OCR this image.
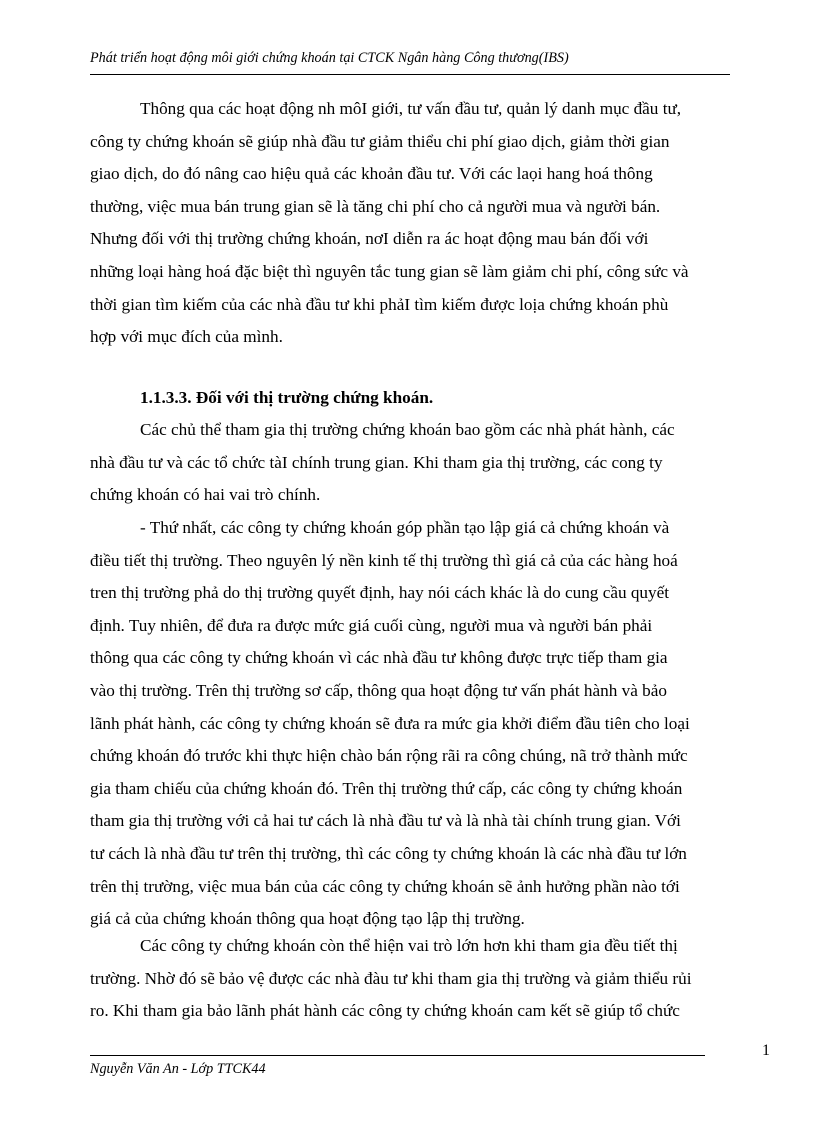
Phát triển hoạt động môi giới chứng khoán tại CTCK Ngân hàng Công thương(IBS)
Thông qua các hoạt động nh môI giới, tư vấn đầu tư, quản lý danh mục đầu tư,
công ty chứng khoán sẽ giúp nhà đầu tư giảm thiểu chi phí giao dịch, giảm thời gian
giao dịch, do đó nâng cao hiệu quả các khoản đầu tư. Với các laọi hang hoá thông
thường, việc mua bán trung gian sẽ là tăng chi phí cho cả người mua và người bán.
Nhưng đối với thị trường chứng khoán, nơI diễn ra ác hoạt động mau bán đối với
những loại hàng hoá đặc biệt thì nguyên tắc tung gian sẽ làm giảm chi phí, công sức và
thời gian tìm kiếm của các nhà đầu tư khi phảI tìm kiếm được loịa chứng khoán phù
hợp với mục đích của mình.
1.1.3.3. Đối với thị trường chứng khoán.
Các chủ thể tham gia thị trường chứng khoán bao gồm các nhà phát hành, các
nhà đầu tư và các tổ chức tàI chính trung gian. Khi tham gia thị trường, các cong ty
chứng khoán có hai vai trò chính.
- Thứ nhất, các công ty chứng khoán góp phần tạo lập giá cả chứng khoán và
điều tiết thị trường. Theo nguyên lý nền kinh tế thị trường thì giá cả của các hàng hoá
tren thị trường phả do thị trường quyết định, hay nói cách khác là do cung cầu quyết
định. Tuy nhiên, để đưa ra được mức giá cuối cùng, người mua và người bán phải
thông qua các công ty chứng khoán vì các nhà đầu tư không được trực tiếp tham gia
vào thị trường. Trên thị trường sơ cấp, thông qua hoạt động tư vấn phát hành và bảo
lãnh phát hành, các công ty chứng khoán sẽ đưa ra mức gia khởi điểm đầu tiên cho loại
chứng khoán đó trước khi thực hiện chào bán rộng rãi ra công chúng, nã trở thành mức
gia tham chiếu của chứng khoán đó. Trên thị trường thứ cấp, các công ty chứng khoán
tham gia thị trường với cả hai tư cách là nhà đầu tư và là nhà tài chính trung gian. Với
tư cách là nhà đầu tư trên thị trường, thì các công ty chứng khoán là các nhà đầu tư lớn
trên thị trường, việc mua bán của các công ty chứng khoán sẽ ảnh hưởng phần nào tới
giá cả của chứng khoán thông qua hoạt động tạo lập thị trường.
Các công ty chứng khoán còn thể hiện vai trò lớn hơn khi tham gia đều tiết thị
trường. Nhờ đó sẽ bảo vệ được các nhà đàu tư khi tham gia thị trường và giảm thiểu rủi
ro. Khi tham gia bảo lãnh phát hành các công ty chứng khoán cam kết sẽ giúp tổ chức
1
Nguyễn Văn An - Lớp TTCK44
